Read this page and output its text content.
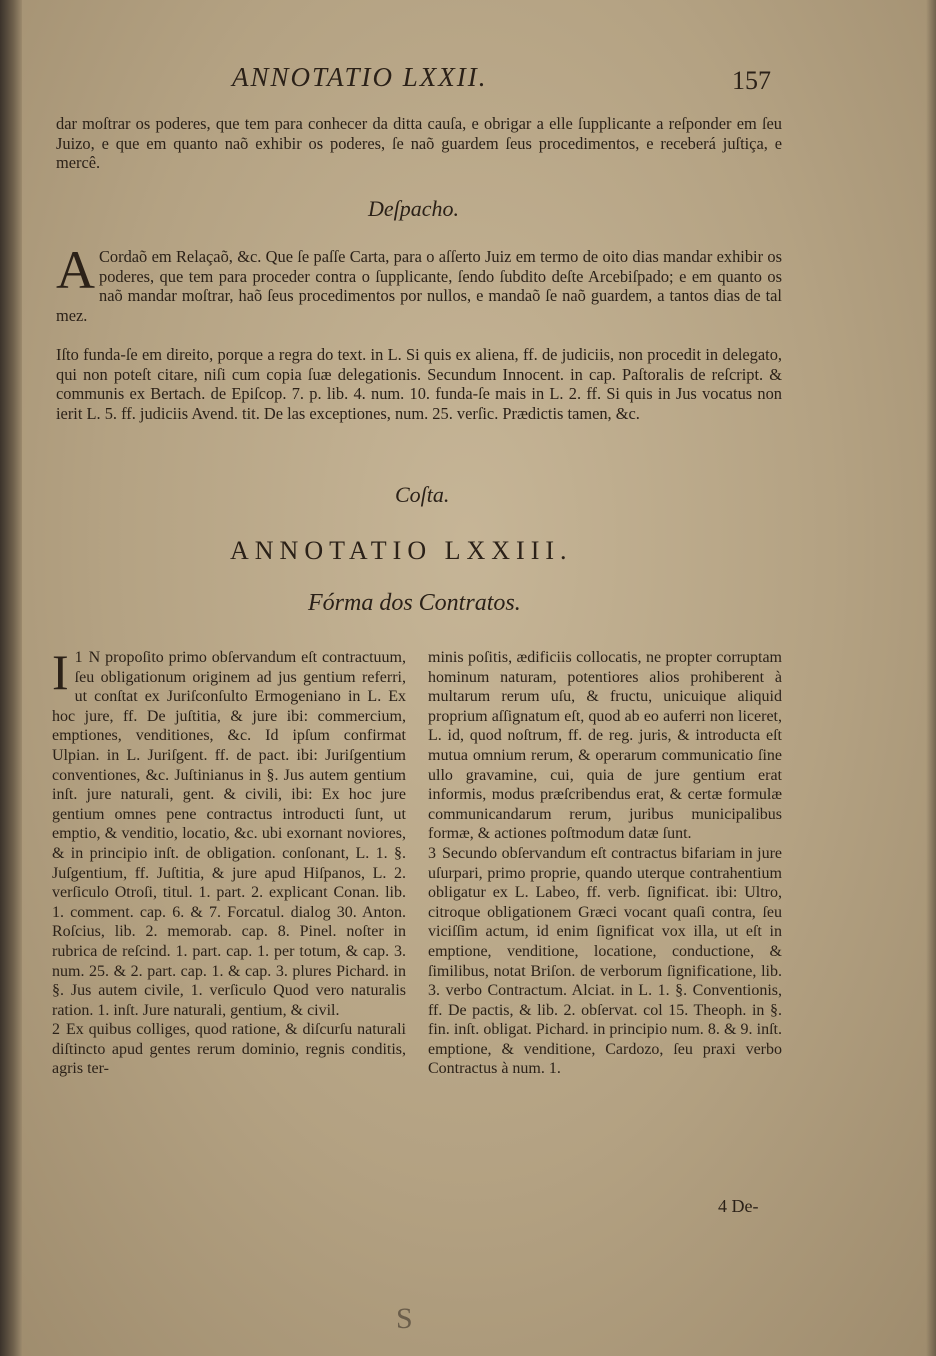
ANNOTATIO LXXII.	157
dar moſtrar os poderes, que tem para conhecer da ditta cauſa, e obrigar a elle ſupplicante a reſponder em ſeu Juizo, e que em quanto naõ exhibir os poderes, ſe naõ guardem ſeus procedimentos, e receberá juſtiça, e mercê.
Deſpacho.
A Cordaõ em Relaçaõ, &c. Que ſe paſſe Carta, para o aſſerto Juiz em termo de oito dias mandar exhibir os poderes, que tem para proceder contra o ſupplicante, ſendo ſubdito deſte Arcebiſpado; e em quanto os naõ mandar moſtrar, haõ ſeus procedimentos por nullos, e mandaõ ſe naõ guardem, a tantos dias de tal mez.
Iſto funda-ſe em direito, porque a regra do text. in L. Si quis ex aliena, ff. de judiciis, non procedit in delegato, qui non poteſt citare, niſi cum copia ſuæ delegationis. Secundum Innocent. in cap. Paſtoralis de reſcript. & communis ex Bertach. de Epiſcop. 7. p. lib. 4. num. 10. funda-ſe mais in L. 2. ff. Si quis in Jus vocatus non ierit L. 5. ff. judiciis Avend. tit. De las exceptiones, num. 25. verſic. Prædictis tamen, &c.
Coſta.
ANNOTATIO LXXIII.
Fórma dos Contratos.
1
I N propoſito primo obſervandum eſt contractuum, ſeu obligationum originem ad jus gentium referri, ut conſtat ex Juriſconſulto Ermogeniano in L. Ex hoc jure, ff. De juſtitia, & jure ibi: commercium, emptiones, venditiones, &c. Id ipſum confirmat Ulpian. in L. Juriſgent. ff. de pact. ibi: Juriſgentium conventiones, &c. Juſtinianus in §. Jus autem gentium inſt. jure naturali, gent. & civili, ibi: Ex hoc jure gentium omnes pene contractus introducti ſunt, ut emptio, & venditio, locatio, &c. ubi exornant noviores, & in principio inſt. de obligation. conſonant, L. 1. §. Juſgentium, ff. Juſtitia, & jure apud Hiſpanos, L. 2. verſiculo Otroſi, titul. 1. part. 2. explicant Conan. lib. 1. comment. cap. 6. & 7. Forcatul. dialog 30. Anton. Roſcius, lib. 2. memorab. cap. 8. Pinel. noſter in rubrica de reſcind. 1. part. cap. 1. per totum, & cap. 3. num. 25. & 2. part. cap. 1. & cap. 3. plures Pichard. in §. Jus autem civile, 1. verſiculo Quod vero naturalis ration. 1. inſt. Jure naturali, gentium, & civil.
2 Ex quibus colliges, quod ratione, & diſcurſu naturali diſtincto apud gentes rerum dominio, regnis conditis, agris ter-
minis poſitis, ædificiis collocatis, ne propter corruptam hominum naturam, potentiores alios prohiberent à multarum rerum uſu, & fructu, unicuique aliquid proprium aſſignatum eſt, quod ab eo auferri non liceret, L. id, quod noſtrum, ff. de reg. juris, & introducta eſt mutua omnium rerum, & operarum communicatio ſine ullo gravamine, cui, quia de jure gentium erat informis, modus præſcribendus erat, & certæ formulæ communicandarum rerum, juribus municipalibus formæ, & actiones poſtmodum datæ ſunt.
3 Secundo obſervandum eſt contractus bifariam in jure uſurpari, primo proprie, quando uterque contrahentium obligatur ex L. Labeo, ff. verb. ſignificat. ibi: Ultro, citroque obligationem Græci vocant quaſi contra, ſeu viciſſim actum, id enim ſignificat vox illa, ut eſt in emptione, venditione, locatione, conductione, & ſimilibus, notat Briſon. de verborum ſignificatione, lib. 3. verbo Contractum. Alciat. in L. 1. §. Conventionis, ff. De pactis, & lib. 2. obſervat. col 15. Theoph. in §. fin. inſt. obligat. Pichard. in principio num. 8. & 9. inſt. emptione, & venditione, Cardozo, ſeu praxi verbo Contractus à num. 1.
4 De-
S
